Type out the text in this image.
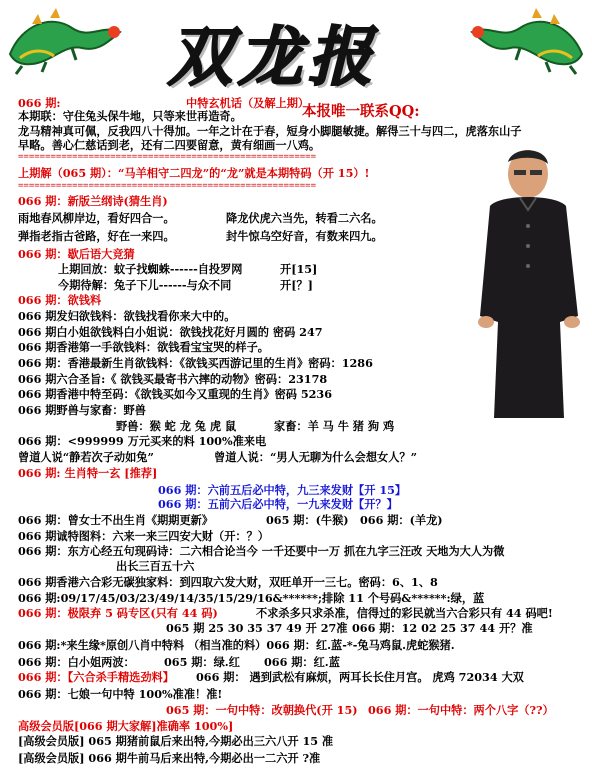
双龙报
本报唯一联系QQ:
066 期:	中特玄机话（及解上期）
本期联：守住兔头保牛地，只等来世再造奇。
龙马精神真可佩，反我四八十得加。一年之计在于春，短身小脚腿敏捷。解得三十与四二，虎落东山子
早略。善心仁慈话到老，还有二四要留意，黄有细画一八鸡。
=======================================================
上期解（065 期）：“马羊相守二四龙”的“龙”就是本期特码（开 15）!
=======================================================
066 期：新版兰纲诗(猜生肖)
雨地春风柳岸边，看好四合一。	降龙伏虎六当先，转看二六名。
弹指老指古爸路，好在一来四。	封牛惊乌空好音，有数来四九。
066 期：歇后语大竞猜
上期回放：蚊子找蜘蛛------自投罗网	开[15]
今期待解：兔子下儿------与众不同	开[？]
066 期：欲钱料
066 期发妇欲钱料：欲钱找看你来大中的。
066 期白小姐欲钱料白小姐说：欲钱找花好月圆的 密码 247
066 期香港第一手欲钱料：欲钱看宝宝哭的样子。
066 期：香港最新生肖欲钱料：《欲钱买西游记里的生肖》密码：1286
066 期六合圣旨:《 欲钱买最寄书六摔的动物》密码：23178
066 期香港中特至码：《欲钱买如今又重现的生肖》密码 5236
066 期野兽与家畜：野兽
野兽：猴 蛇 龙 兔 虎 鼠	家畜：羊 马 牛 猪 狗 鸡
066 期：<999999 万元买来的料 100%准来电
曾道人说“静若次子动如兔”	曾道人说：“男人无聊为什么会想女人？”
066 期: 生肖特一玄 [推荐]
066 期：六前五后必中特，九三来发财【开 15】
066 期：五前六后必中特，一九来发财【开？】
066 期：曾女士不出生肖《期期更新》	065 期：(牛猴) 066 期：(羊龙)
066 期诚特图料：六来一来三四安大财（开：？）
066 期：东方心经五句现码诗：二六相合论当今 一千还要中一万 抓在九字三汪改 天地为大人为微
出长三百五十六
066 期香港六合彩无碳独家料：到四取六发大财，双旺单开一三七。密码：6、1、8
066 期:09/17/45/03/23/49/14/35/15/29/16&******;排除 11 个号码&******:绿，蓝
066 期：极限弃 5 码专区(只有 44 码)	不求杀多只求杀准，信得过的彩民就当六合彩只有 44 码吧!
065 期 25 30 35 37 49 开 27准 066 期：12 02 25 37 44 开？准
066 期:*来生缘*原创八肖中特料 （相当准的料）066 期：红.蓝-*-兔马鸡鼠.虎蛇猴猪.
066 期：白小姐两波：	065 期：绿.红 066 期：红.蓝
066 期：【六合杀手精选劲料】 066 期： 遇到武松有麻烦，两耳长长住月宫。 虎鸡 72034 大双
066 期：七娘一句中特 100%准准！准!
065 期：一句中特：改朝换代(开 15) 066 期：一句中特：两个八字（??）
高级会员版[066 期大家解]准确率 100%]
[高级会员版] 065 期猪前鼠后来出特,今期必出三六八开 15 准
[高级会员版] 066 期牛前马后来出特,今期必出一二六开 ?准
